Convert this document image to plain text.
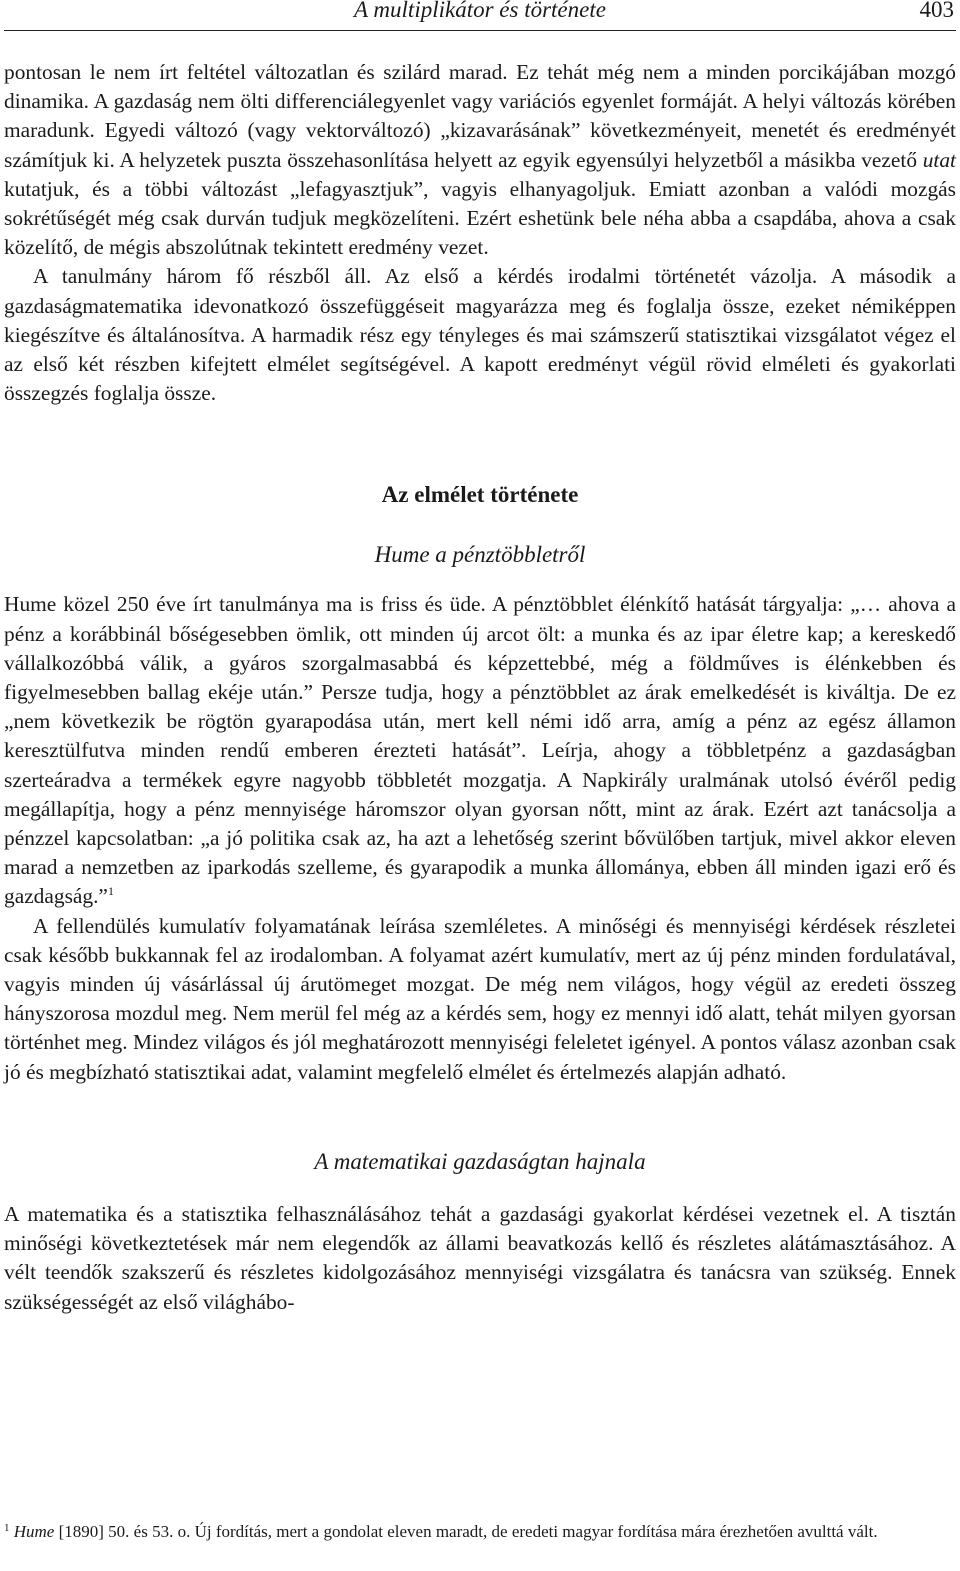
A multiplikátor és története	403

pontosan le nem írt feltétel változatlan és szilárd marad. Ez tehát még nem a minden porcikájában mozgó dinamika. A gazdaság nem ölti differenciálegyenlet vagy variációs egyenlet formáját. A helyi változás körében maradunk. Egyedi változó (vagy vektorváltozó) „kizavarásának” következményeit, menetét és eredményét számítjuk ki. A helyzetek puszta összehasonlítása helyett az egyik egyensúlyi helyzetből a másikba vezető utat kutatjuk, és a többi változást „lefagyasztjuk”, vagyis elhanyagoljuk. Emiatt azonban a valódi mozgás sokrétűségét még csak durván tudjuk megközelíteni. Ezért eshetünk bele néha abba a csapdába, ahova a csak közelítő, de mégis abszolútnak tekintett eredmény vezet.

A tanulmány három fő részből áll. Az első a kérdés irodalmi történetét vázolja. A második a gazdaságmatematika idevonatkozó összefüggéseit magyarázza meg és foglalja össze, ezeket némiképpen kiegészítve és általánosítva. A harmadik rész egy tényleges és mai számszerű statisztikai vizsgálatot végez el az első két részben kifejtett elmélet segítségével. A kapott eredményt végül rövid elméleti és gyakorlati összegzés foglalja össze.

Az elmélet története
Hume a pénztöbbletről

Hume közel 250 éve írt tanulmánya ma is friss és üde. A pénztöbblet élénkítő hatását tárgyalja: „… ahova a pénz a korábbinál bőségesebben ömlik, ott minden új arcot ölt: a munka és az ipar életre kap; a kereskedő vállalkozóbbá válik, a gyáros szorgalmasabbá és képzettebbé, még a földműves is élénkebben és figyelmesebben ballag ekéje után.” Persze tudja, hogy a pénztöbblet az árak emelkedését is kiváltja. De ez „nem következik be rögtön gyarapodása után, mert kell némi idő arra, amíg a pénz az egész államon keresztülfutva minden rendű emberen érezteti hatását”. Leírja, ahogy a többletpénz a gazdaságban szerteáradva a termékek egyre nagyobb többletét mozgatja. A Napkirály uralmának utolsó évéről pedig megállapítja, hogy a pénz mennyisége háromszor olyan gyorsan nőtt, mint az árak. Ezért azt tanácsolja a pénzzel kapcsolatban: „a jó politika csak az, ha azt a lehetőség szerint bővülőben tartjuk, mivel akkor eleven marad a nemzetben az iparkodás szelleme, és gyarapodik a munka állománya, ebben áll minden igazi erő és gazdagság.”$^1$

A fellendülés kumulatív folyamatának leírása szemléletes. A minőségi és mennyiségi kérdések részletei csak később bukkannak fel az irodalomban. A folyamat azért kumulatív, mert az új pénz minden fordulatával, vagyis minden új vásárlással új árutömeget mozgat. De még nem világos, hogy végül az eredeti összeg hányszorosa mozdul meg. Nem merül fel még az a kérdés sem, hogy ez mennyi idő alatt, tehát milyen gyorsan történhet meg. Mindez világos és jól meghatározott mennyiségi feleletet igényel. A pontos válasz azonban csak jó és megbízható statisztikai adat, valamint megfelelő elmélet és értelmezés alapján adható.

A matematikai gazdaságtan hajnala

A matematika és a statisztika felhasználásához tehát a gazdasági gyakorlat kérdései vezetnek el. A tisztán minőségi következtetések már nem elegendők az állami beavatkozás kellő és részletes alátámasztásához. A vélt teendők szakszerű és részletes kidolgozásához mennyiségi vizsgálatra és tanácsra van szükség. Ennek szükségességét az első világhábo-

$^1$ Hume [1890] 50. és 53. o. Új fordítás, mert a gondolat eleven maradt, de eredeti magyar fordítása mára érezhetően avulttá vált.
